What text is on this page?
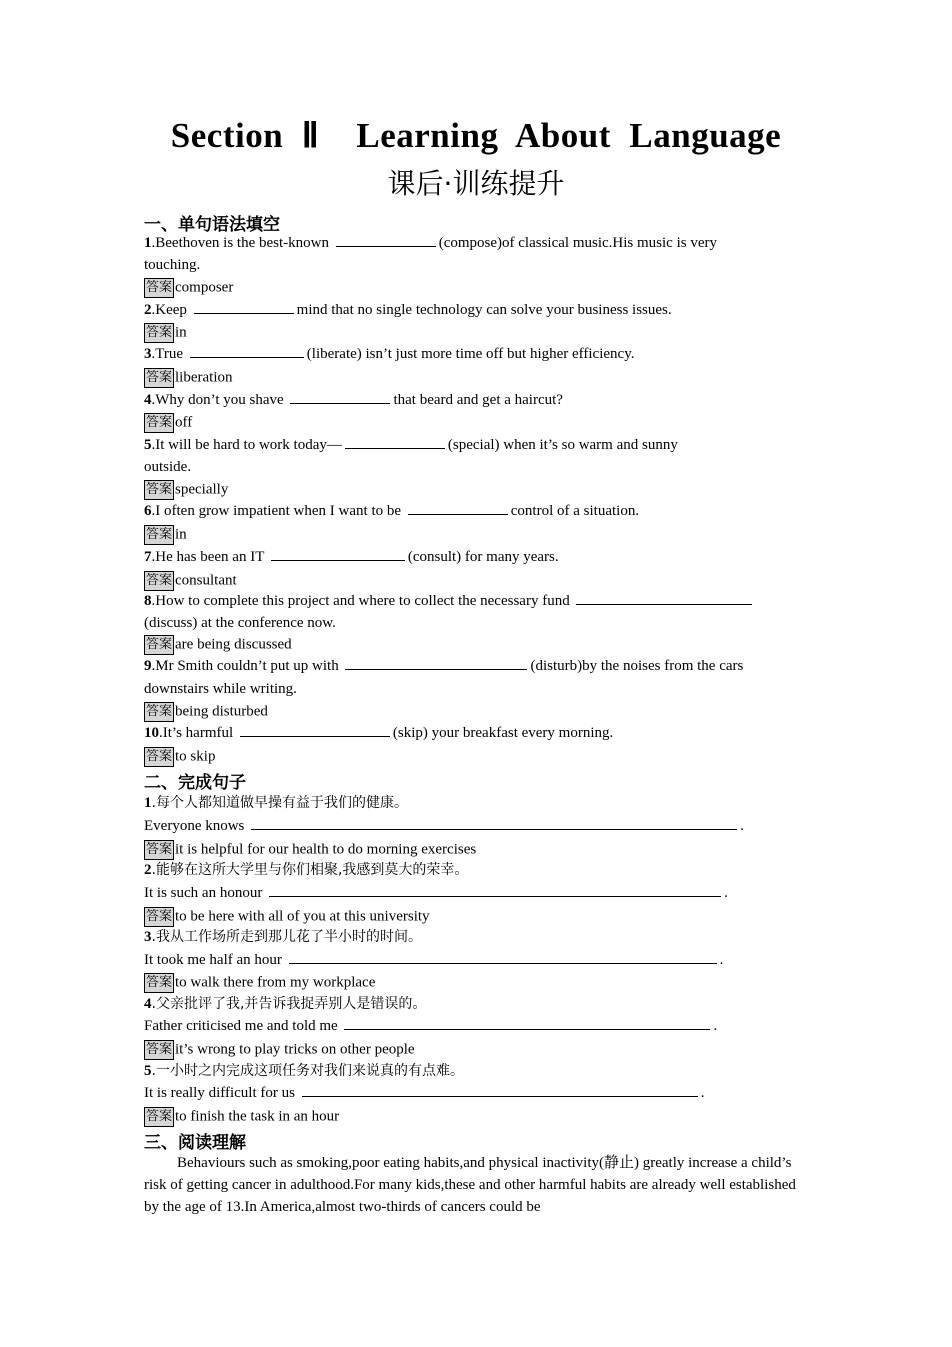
Section  Ⅱ    Learning  About  Language
课后·训练提升
一、单句语法填空
1.Beethoven is the best-known	(compose)of classical music.His music is very
touching.
答案 composer
2.Keep	mind that no single technology can solve your business issues.
答案 in
3.True	(liberate) isn’t just more time off but higher efficiency.
答案 liberation
4.Why don’t you shave	that beard and get a haircut?
答案 off
5.It will be hard to work today—	(special) when it’s so warm and sunny
outside.
答案 specially
6.I often grow impatient when I want to be	control of a situation.
答案 in
7.He has been an IT	(consult) for many years.
答案 consultant
8.How to complete this project and where to collect the necessary fund
(discuss) at the conference now.
答案 are being discussed
9.Mr Smith couldn’t put up with	(disturb)by the noises from the cars
downstairs while writing.
答案 being disturbed
10.It’s harmful	(skip) your breakfast every morning.
答案 to skip
二、完成句子
1.每个人都知道做早操有益于我们的健康。
Everyone knows	.
答案 it is helpful for our health to do morning exercises
2.能够在这所大学里与你们相聚,我感到莫大的荣幸。
It is such an honour	.
答案 to be here with all of you at this university
3.我从工作场所走到那儿花了半小时的时间。
It took me half an hour	.
答案 to walk there from my workplace
4.父亲批评了我,并告诉我捉弄别人是错误的。
Father criticised me and told me	.
答案 it’s wrong to play tricks on other people
5.一小时之内完成这项任务对我们来说真的有点难。
It is really difficult for us	.
答案 to finish the task in an hour
三、阅读理解
Behaviours such as smoking,poor eating habits,and physical inactivity(静止) greatly increase a child’s risk of getting cancer in adulthood.For many kids,these and other harmful habits are already well established by the age of 13.In America,almost two-thirds of cancers could be
